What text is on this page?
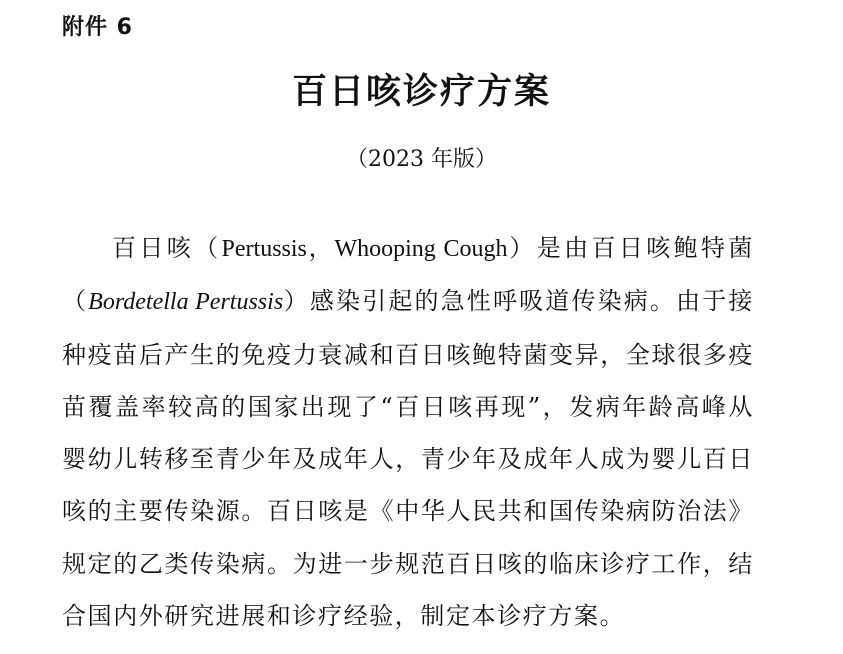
附件 6
百日咳诊疗方案
（2023 年版）

百日咳（Pertussis，Whooping Cough）是由百日咳鲍特菌（Bordetella Pertussis）感染引起的急性呼吸道传染病。由于接种疫苗后产生的免疫力衰减和百日咳鲍特菌变异，全球很多疫苗覆盖率较高的国家出现了“百日咳再现”，发病年龄高峰从婴幼儿转移至青少年及成年人，青少年及成年人成为婴儿百日咳的主要传染源。百日咳是《中华人民共和国传染病防治法》规定的乙类传染病。为进一步规范百日咳的临床诊疗工作，结合国内外研究进展和诊疗经验，制定本诊疗方案。
